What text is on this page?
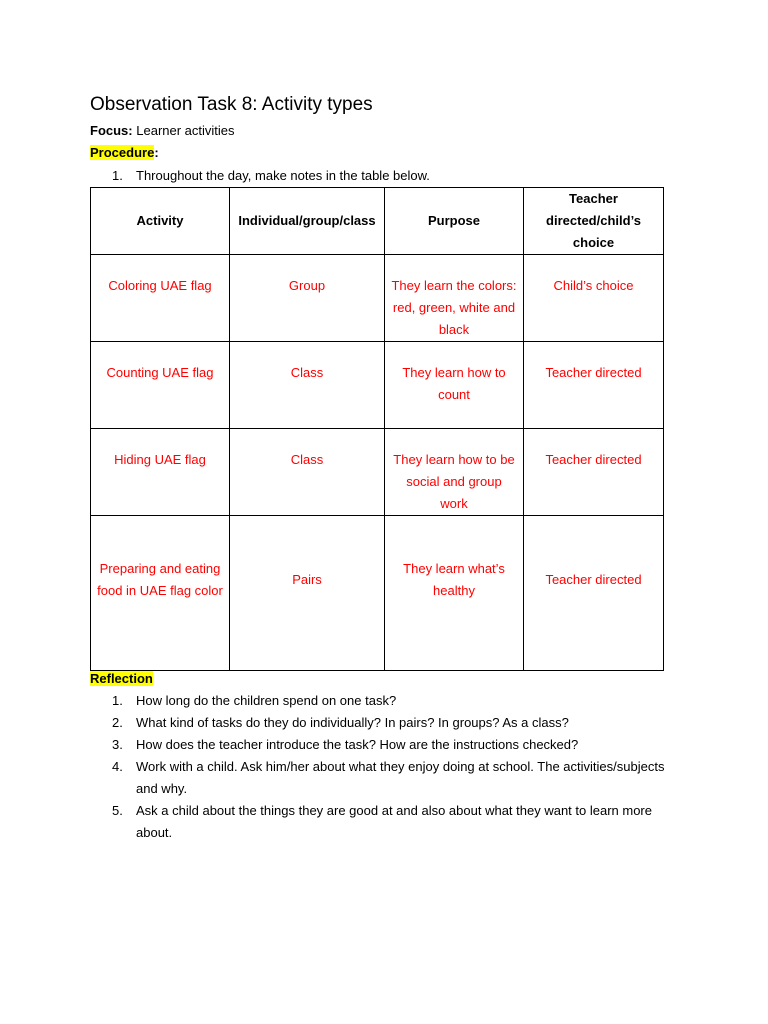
Observation Task 8: Activity types
Focus: Learner activities
Procedure:
1. Throughout the day, make notes in the table below.
Activity	Individual/group/class	Purpose	Teacher directed/child’s choice
Coloring UAE flag	Group	They learn the colors: red, green, white and black	Child’s choice
Counting UAE flag	Class	They learn how to count	Teacher directed
Hiding UAE flag	Class	They learn how to be social and group work	Teacher directed
Preparing and eating food in UAE flag color	Pairs	They learn what’s healthy	Teacher directed
Reflection
1. How long do the children spend on one task?
2. What kind of tasks do they do individually? In pairs? In groups? As a class?
3. How does the teacher introduce the task? How are the instructions checked?
4. Work with a child. Ask him/her about what they enjoy doing at school. The activities/subjects and why.
5. Ask a child about the things they are good at and also about what they want to learn more about.
